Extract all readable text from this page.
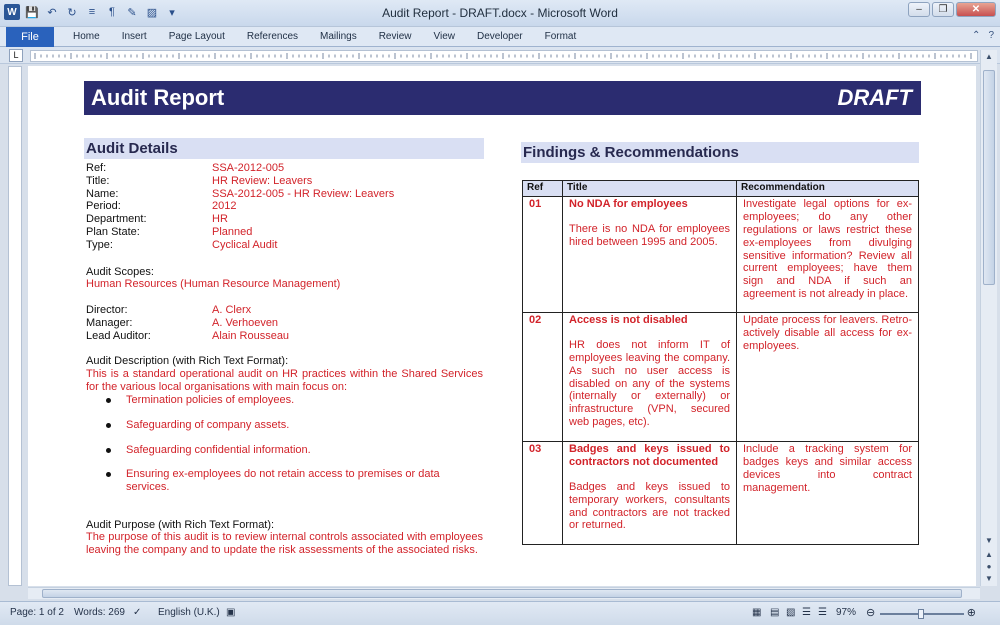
W 💾 ↶ ↻	≡	¶	✎ ▨	▾	Audit Report - DRAFT.docx - Microsoft Word	–	❐	✕
File	Home	Insert	Page Layout	References	Mailings	Review	View	Developer	Format	⌃ ?
L
Audit Report	DRAFT
Audit Details
Ref:	SSA-2012-005
Title:	HR Review: Leavers
Name:	SSA-2012-005 - HR Review: Leavers
Period:	2012
Department:	HR
Plan State:	Planned
Type:	Cyclical Audit
Audit Scopes:
Human Resources (Human Resource Management)
Director:	A. Clerx
Manager:	A. Verhoeven
Lead Auditor:	Alain Rousseau
Audit Description (with Rich Text Format):
This is a standard operational audit on HR practices within the Shared Services for the various local organisations with main focus on:
Termination policies of employees.
Safeguarding of company assets.
Safeguarding confidential information.
Ensuring ex-employees do not retain access to premises or data services.
Audit Purpose (with Rich Text Format):
The purpose of this audit is to review internal controls associated with employees leaving the company and to update the risk assessments of the associated risks.
Findings & Recommendations
Ref	Title	Recommendation
01	No NDA for employees
There is no NDA for employees hired between 1995 and 2005.	Investigate legal options for ex-employees; do any other regulations or laws restrict these ex-employees from divulging sensitive information? Review all current employees; have them sign and NDA if such an agreement is not already in place.
02	Access is not disabled
HR does not inform IT of employees leaving the company. As such no user access is disabled on any of the systems (internally or externally) or infrastructure (VPN, secured web pages, etc).	Update process for leavers. Retro-actively disable all access for ex-employees.
03	Badges and keys issued to contractors not documented
Badges and keys issued to temporary workers, consultants and contractors are not tracked or returned.	Include a tracking system for badges keys and similar access devices into contract management.
▲
▼
▲
●
▼
Page: 1 of 2 Words: 269 ✓ English (U.K.) ▣	▦ ▤ ▧ ☰ ☰ 97% ⊖	⊕
